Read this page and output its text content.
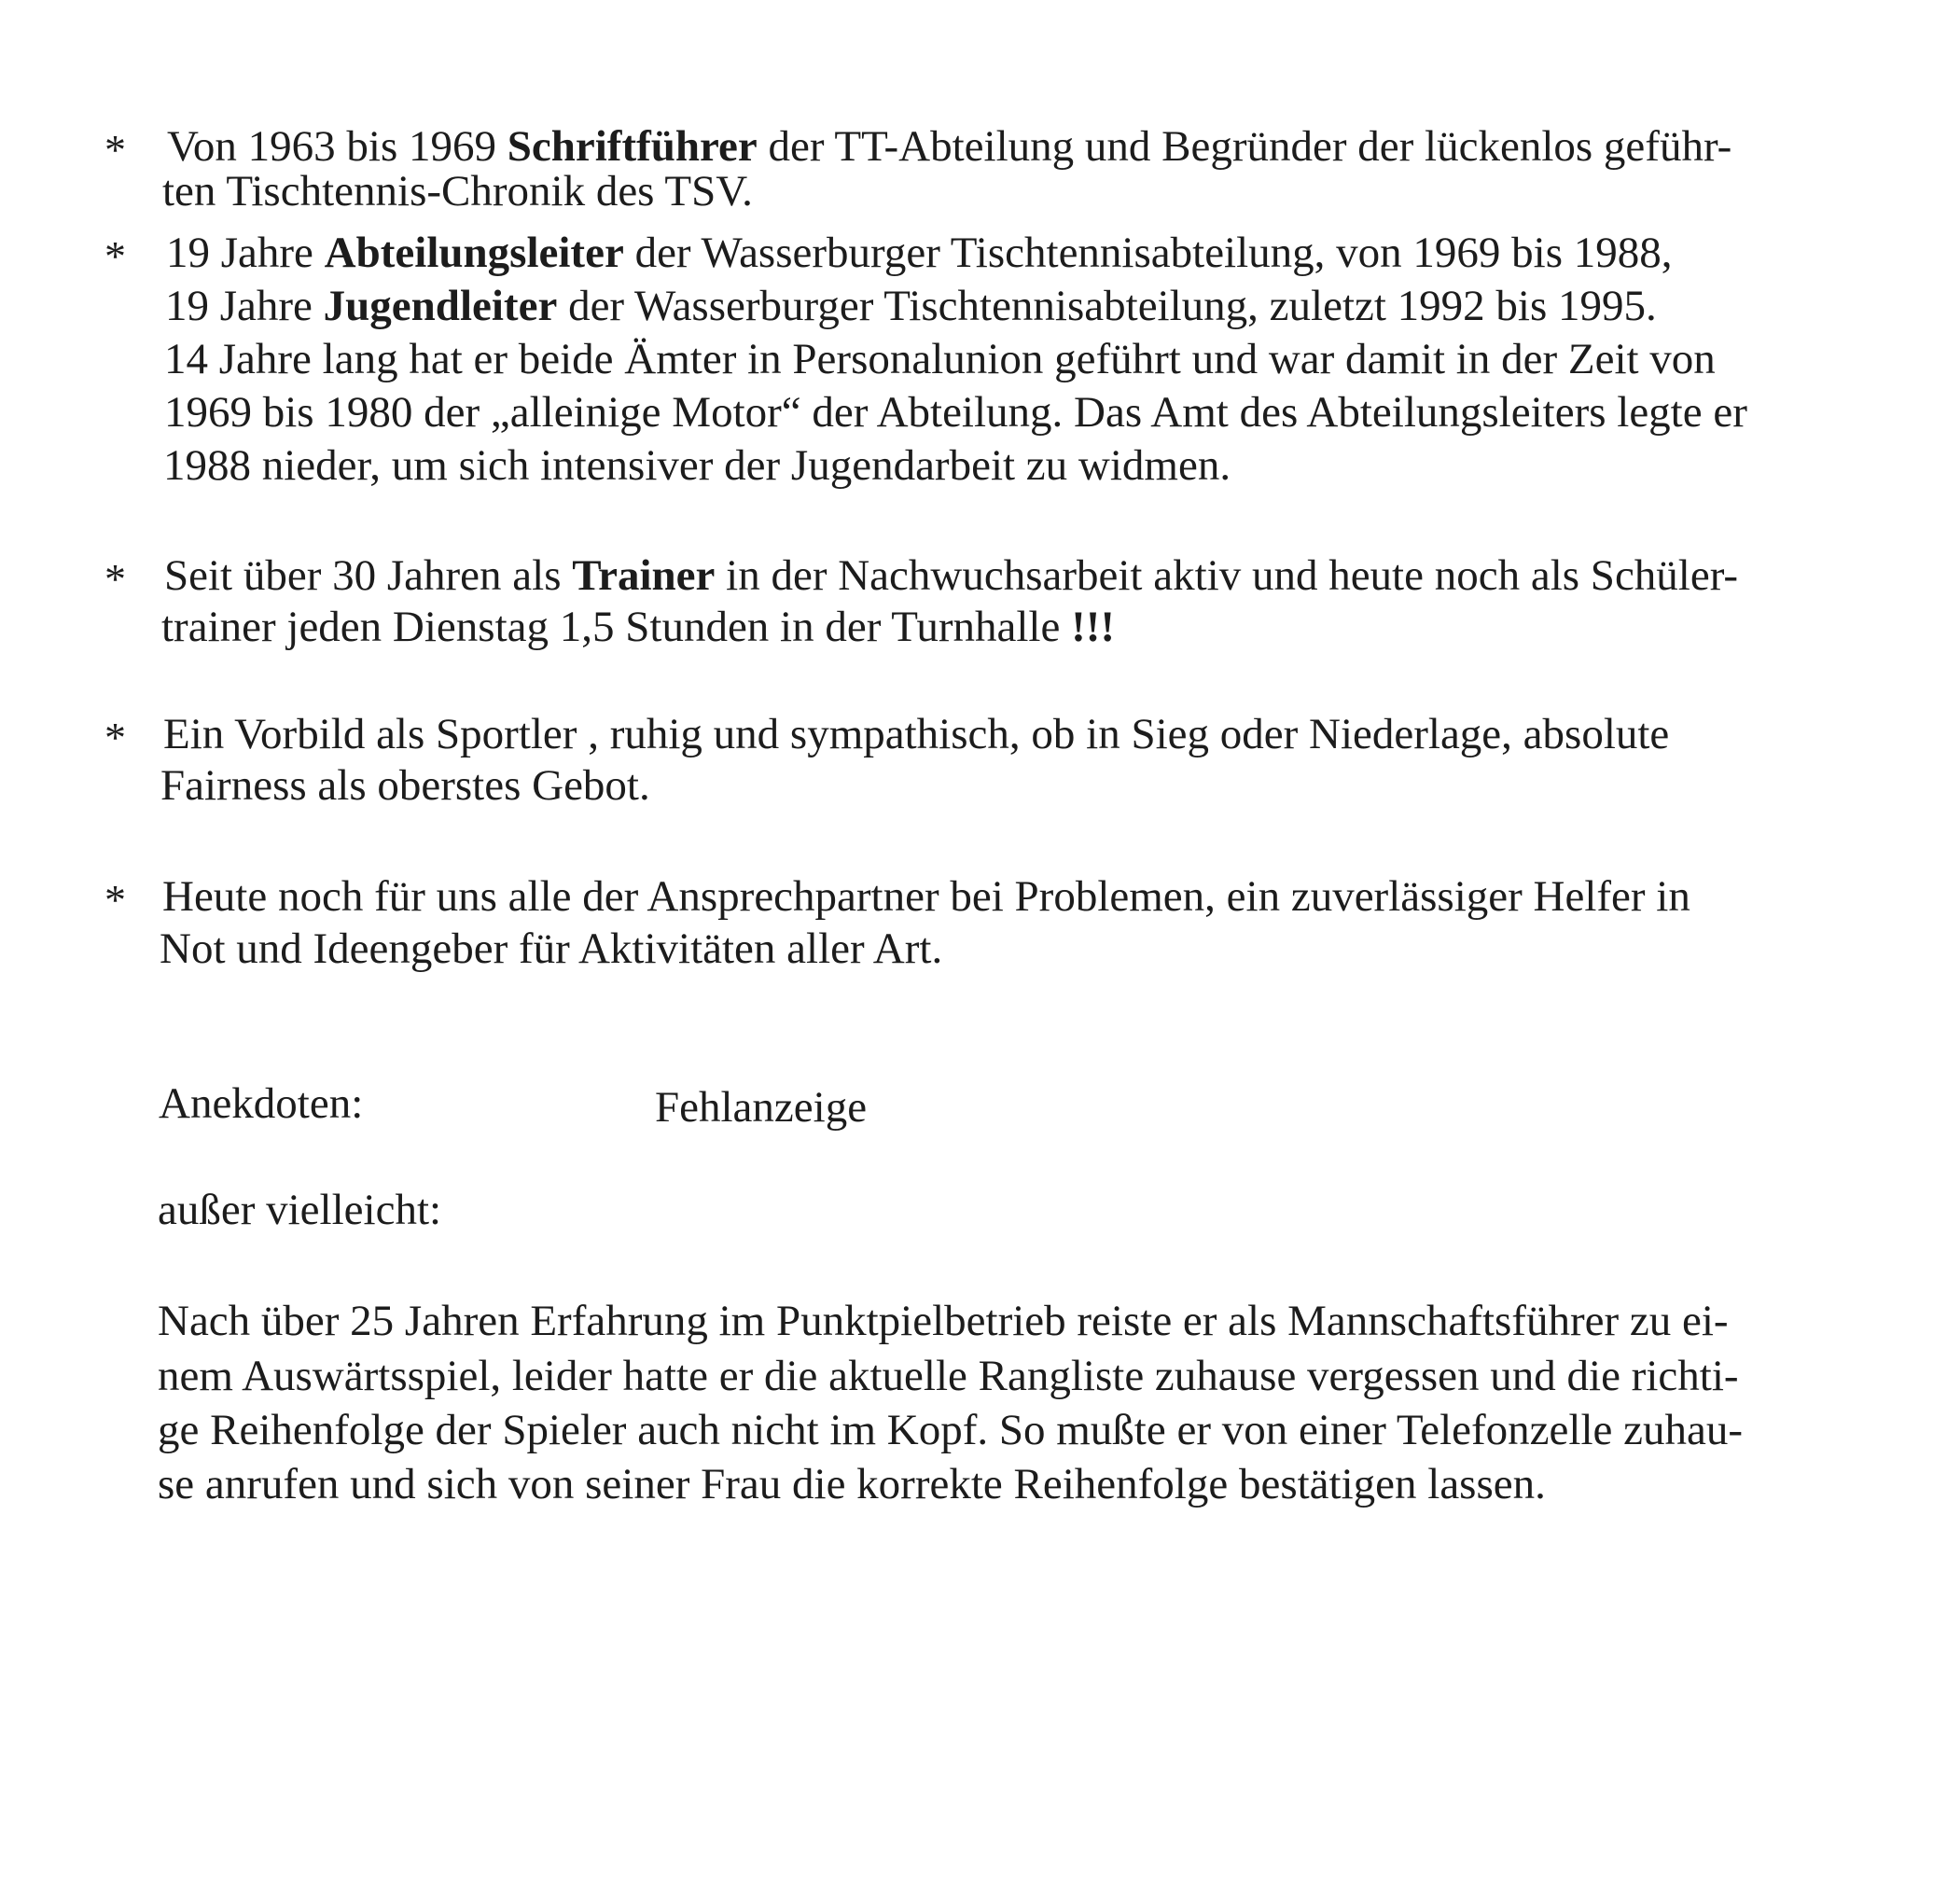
* Von 1963 bis 1969 Schriftführer der TT-Abteilung und Begründer der lückenlos geführ-
ten Tischtennis-Chronik des TSV.
* 19 Jahre Abteilungsleiter der Wasserburger Tischtennisabteilung, von 1969 bis 1988,
19 Jahre Jugendleiter der Wasserburger Tischtennisabteilung, zuletzt 1992 bis 1995.
14 Jahre lang hat er beide Ämter in Personalunion geführt und war damit in der Zeit von
1969 bis 1980 der „alleinige Motor“ der Abteilung. Das Amt des Abteilungsleiters legte er
1988 nieder, um sich intensiver der Jugendarbeit zu widmen.
* Seit über 30 Jahren als Trainer in der Nachwuchsarbeit aktiv und heute noch als Schüler-
trainer jeden Dienstag 1,5 Stunden in der Turnhalle !!!
* Ein Vorbild als Sportler , ruhig und sympathisch, ob in Sieg oder Niederlage, absolute
Fairness als oberstes Gebot.
* Heute noch für uns alle der Ansprechpartner bei Problemen, ein zuverlässiger Helfer in
Not und Ideengeber für Aktivitäten aller Art.
Anekdoten:	Fehlanzeige
außer vielleicht:
Nach über 25 Jahren Erfahrung im Punktpielbetrieb reiste er als Mannschaftsführer zu ei-
nem Auswärtsspiel, leider hatte er die aktuelle Rangliste zuhause vergessen und die richti-
ge Reihenfolge der Spieler auch nicht im Kopf. So mußte er von einer Telefonzelle zuhau-
se anrufen und sich von seiner Frau die korrekte Reihenfolge bestätigen lassen.
